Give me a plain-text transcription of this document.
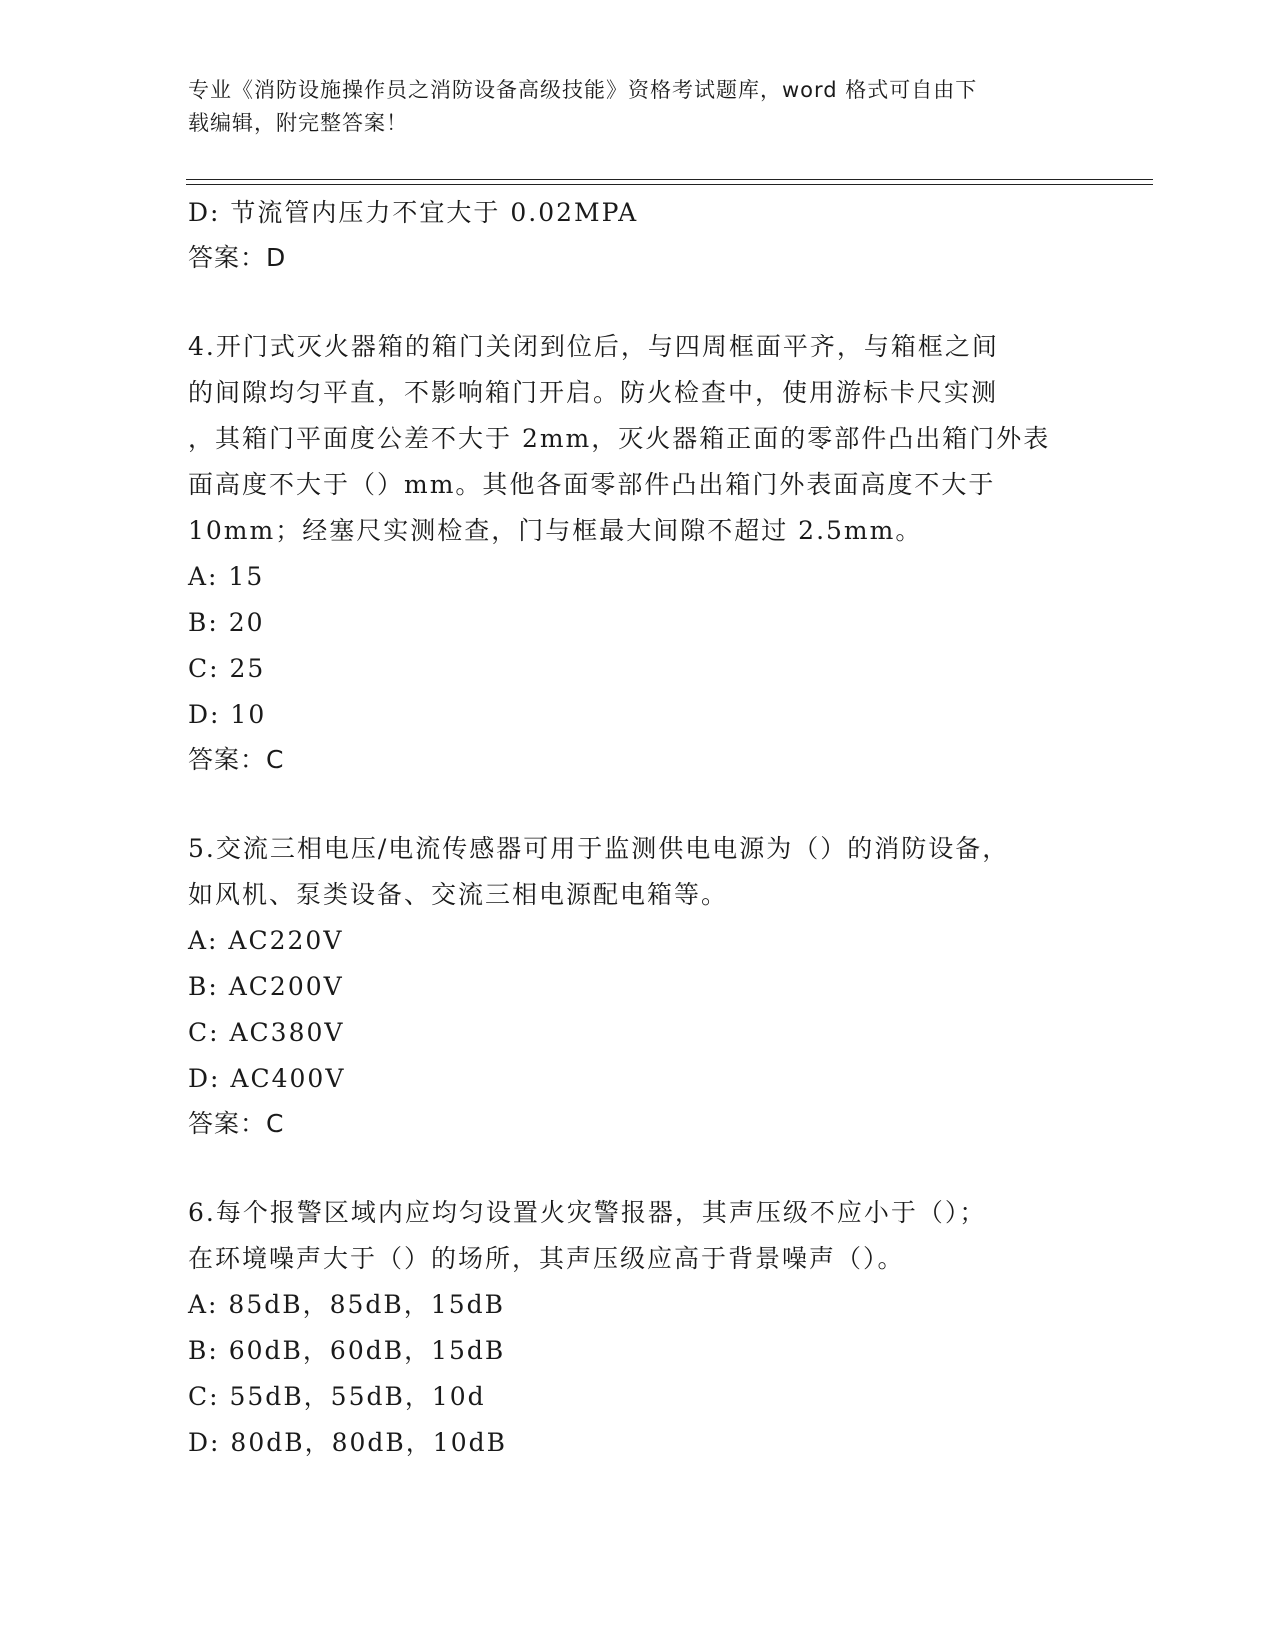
专业《消防设施操作员之消防设备高级技能》资格考试题库，word 格式可自由下
载编辑，附完整答案！
D: 节流管内压力不宜大于 0.02MPA
答案：D
4.开门式灭火器箱的箱门关闭到位后，与四周框面平齐，与箱框之间
的间隙均匀平直，不影响箱门开启。防火检查中，使用游标卡尺实测
，其箱门平面度公差不大于 2mm，灭火器箱正面的零部件凸出箱门外表
面高度不大于（）mm。其他各面零部件凸出箱门外表面高度不大于
10mm；经塞尺实测检查，门与框最大间隙不超过 2.5mm。
A: 15
B: 20
C: 25
D: 10
答案：C
5.交流三相电压/电流传感器可用于监测供电电源为（）的消防设备，
如风机、泵类设备、交流三相电源配电箱等。
A: AC220V
B: AC200V
C: AC380V
D: AC400V
答案：C
6.每个报警区域内应均匀设置火灾警报器，其声压级不应小于（）；
在环境噪声大于（）的场所，其声压级应高于背景噪声（）。
A: 85dB，85dB，15dB
B: 60dB，60dB，15dB
C: 55dB，55dB，10d
D: 80dB，80dB，10dB
